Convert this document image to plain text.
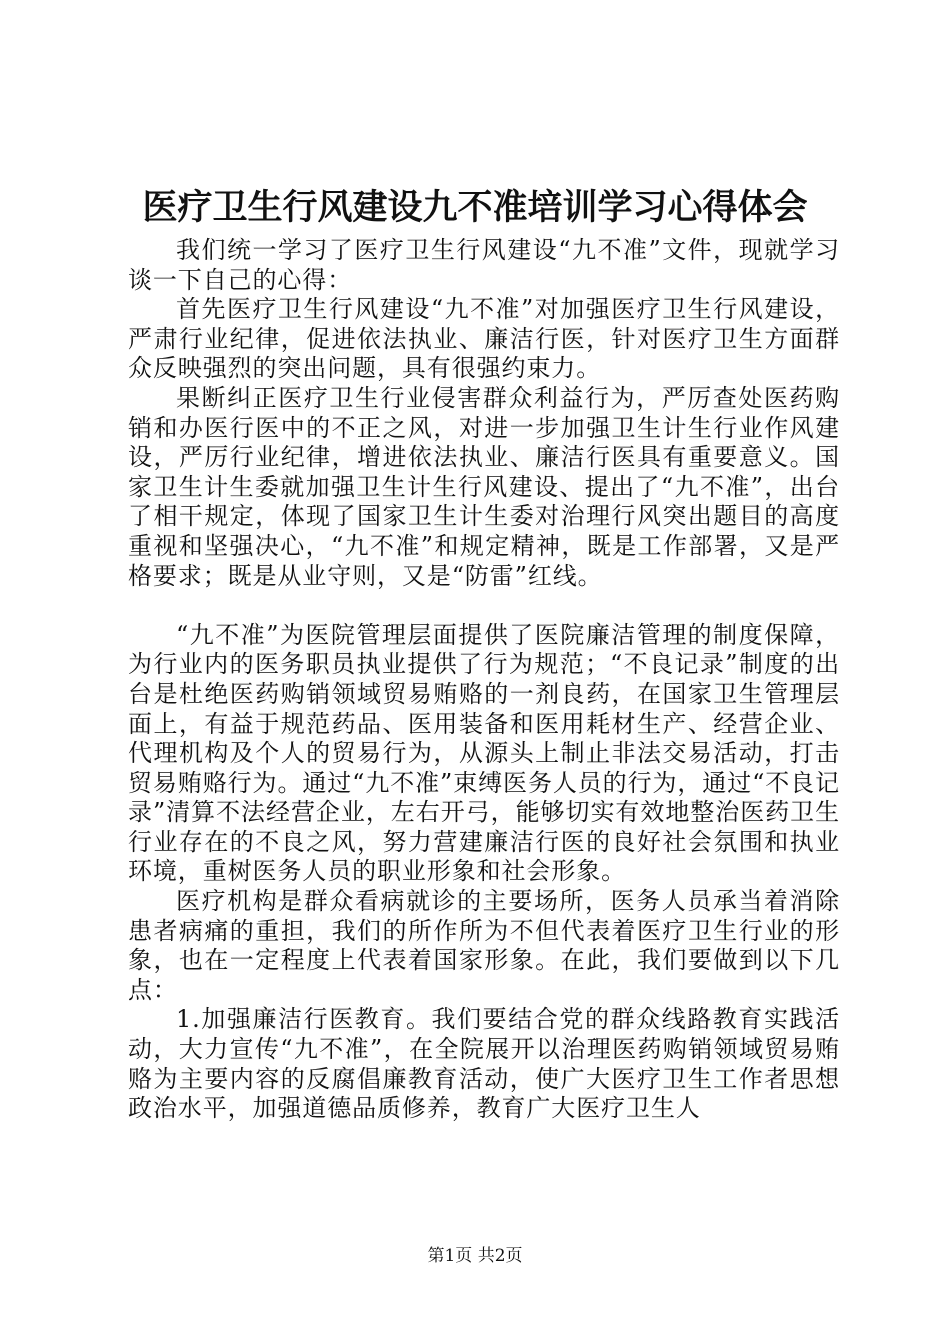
医疗卫生行风建设九不准培训学习心得体会

我们统一学习了医疗卫生行风建设“九不准”文件，现就学习谈一下自己的心得：

首先医疗卫生行风建设“九不准”对加强医疗卫生行风建设，严肃行业纪律，促进依法执业、廉洁行医，针对医疗卫生方面群众反映强烈的突出问题，具有很强约束力。

果断纠正医疗卫生行业侵害群众利益行为，严厉查处医药购销和办医行医中的不正之风，对进一步加强卫生计生行业作风建设，严厉行业纪律，增进依法执业、廉洁行医具有重要意义。国家卫生计生委就加强卫生计生行风建设、提出了“九不准”，出台了相干规定，体现了国家卫生计生委对治理行风突出题目的高度重视和坚强决心，“九不准”和规定精神，既是工作部署，又是严格要求；既是从业守则，又是“防雷”红线。

“九不准”为医院管理层面提供了医院廉洁管理的制度保障，为行业内的医务职员执业提供了行为规范；“不良记录”制度的出台是杜绝医药购销领域贸易贿赂的一剂良药，在国家卫生管理层面上，有益于规范药品、医用装备和医用耗材生产、经营企业、代理机构及个人的贸易行为，从源头上制止非法交易活动，打击贸易贿赂行为。通过“九不准”束缚医务人员的行为，通过“不良记录”清算不法经营企业，左右开弓，能够切实有效地整治医药卫生行业存在的不良之风，努力营建廉洁行医的良好社会氛围和执业环境，重树医务人员的职业形象和社会形象。

医疗机构是群众看病就诊的主要场所，医务人员承当着消除患者病痛的重担，我们的所作所为不但代表着医疗卫生行业的形象，也在一定程度上代表着国家形象。在此，我们要做到以下几点：

1.加强廉洁行医教育。我们要结合党的群众线路教育实践活动，大力宣传“九不准”，在全院展开以治理医药购销领域贸易贿赂为主要内容的反腐倡廉教育活动，使广大医疗卫生工作者思想政治水平，加强道德品质修养，教育广大医疗卫生人

第1页 共2页
